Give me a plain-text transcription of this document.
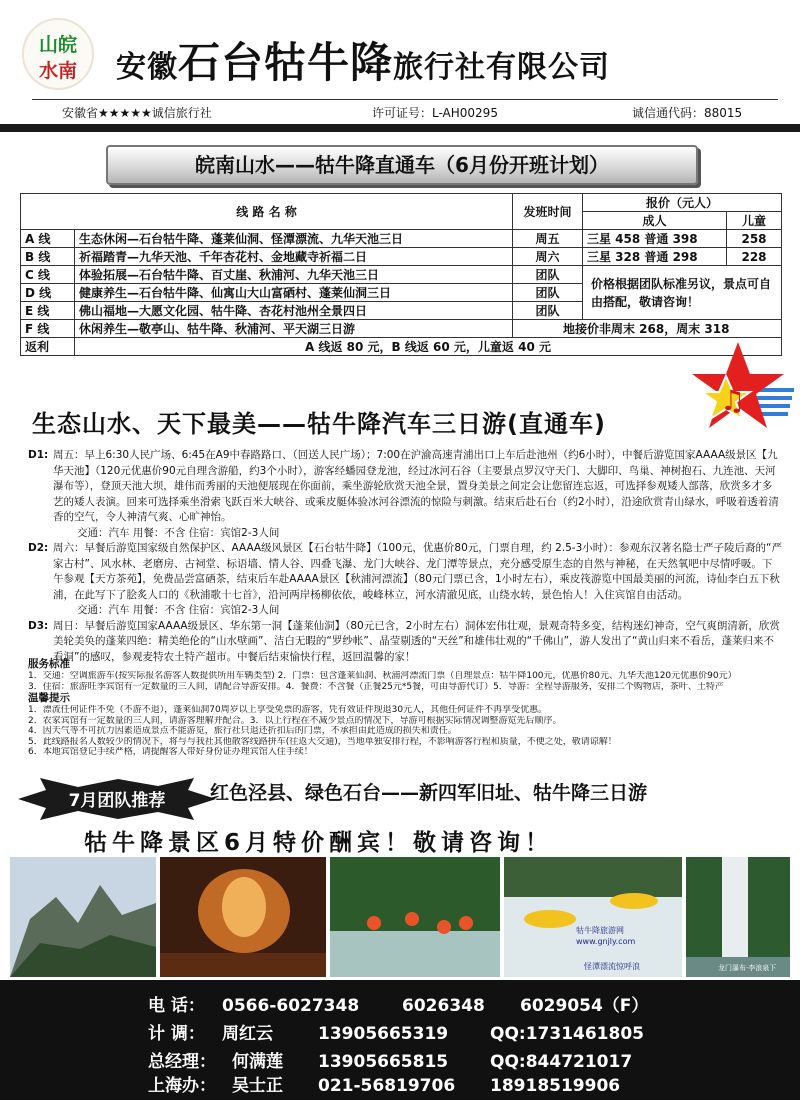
山皖
水南	安徽石台牯牛降旅行社有限公司
安徽省★★★★★诚信旅行社	许可证号：L-AH00295	诚信通代码：88015
皖南山水——牯牛降直通车（6月份开班计划）
线 路 名 称		发班时间	报价（元人）	
			成人	儿童
A 线	生态休闲—石台牯牛降、蓬莱仙洞、怪潭漂流、九华天池三日	周五	三星 458 普通 398	258
B 线	祈福踏青—九华天池、千年杏花村、金地藏寺祈福二日	周六	三星 328 普通 298	228
C 线	体验拓展—石台牯牛降、百丈崖、秋浦河、九华天池三日	团队	价格根据团队标准另议，景点可自由搭配，敬请咨询！	
D 线	健康养生—石台牯牛降、仙寓山大山富硒村、蓬莱仙洞三日	团队		
E 线	佛山福地—大愿文化园、牯牛降、杏花村池州全景四日	团队		
F 线	休闲养生—敬亭山、牯牛降、秋浦河、平天湖三日游	地接价非周末 268，周末 318		
返利	A 线返 80 元，B 线返 60 元，儿童返 40 元			
♫
生态山水、天下最美——牯牛降汽车三日游(直通车)
D1: 周五：早上6:30人民广场、6:45在A9中春路路口、（回送人民广场）；7:00在沪渝高速青浦出口上车后赴池州（约6小时），中餐后游览国家AAAA级景区【九华天池】（120元优惠价90元自理含游船，约3个小时），游客经蟠园登龙池，经过冰河石谷（主要景点罗汉守天门、大脚印、鸟巢、神树抱石、九连池、天河瀑布等），登顶天池大坝，雄伟而秀丽的天池便展现在你面前，乘坐游轮欣赏天池全景，置身美景之间定会让您留连忘返，可选择参观矮人部落，欣赏多才多艺的矮人表演。回来可选择乘坐滑索飞跃百米大峡谷、或乘皮艇体验冰河谷漂流的惊险与刺激。结束后赴石台（约2小时），沿途欣赏青山绿水，呼吸着透着清香的空气，令人神清气爽、心旷神怡。
交通：汽车 用餐：不含 住宿：宾馆2-3人间
D2: 周六：早餐后游览国家级自然保护区、AAAA级风景区【石台牯牛降】（100元，优惠价80元，门票自理，约 2.5-3小时）：参观东汉著名隐士严子陵后裔的“严家古村”、风水林、老磨房、古祠堂、标语墙、情人谷、四叠飞瀑、龙门大峡谷、龙门潭等景点，充分感受原生态的自然与神秘，在天然氧吧中尽情呼吸。下午参观【天方茶苑】，免费品尝富硒茶，结束后车赴AAAA景区【秋浦河漂流】（80元门票已含，1小时左右），乘皮筏游览中国最美丽的河流，诗仙李白五下秋浦，在此写下了脍炙人口的《秋浦歌十七首》，沿河两岸杨柳依依，峻峰林立，河水清澈见底，山绕水转，景色怡人！入住宾馆自由活动。
交通：汽车 用餐：不含 住宿：宾馆2-3人间
D3: 周日：早餐后游览国家AAAA级景区、华东第一洞【蓬莱仙洞】（80元已含，2小时左右）洞体宏伟壮观，景观奇特多变，结构迷幻神奇，空气爽朗清新，欣赏美轮美奂的蓬莱四绝：精美绝伦的“山水壁画”、洁白无暇的“罗纱帐”、晶莹剔透的“天丝”和雄伟壮观的“千佛山”，游人发出了“黄山归来不看岳，蓬莱归来不看洞”的感叹，参观麦特农土特产超市。中餐后结束愉快行程，返回温馨的家！
服务标准

1．交通：空调旅游车(按实际报名游客人数提供所用车辆类型) 2．门票：包含蓬莱仙洞、秋浦河漂流门票（自理景点：牯牛降100元，优惠价80元、九华天池120元优惠价90元）

3．住宿：旅游旺季宾馆有一定数量的三人间，请配合导游安排。4．餐费：不含餐（正餐25元*5餐，可由导游代订）5．导游：全程导游服务，安排二个购物店，茶叶、土特产

温馨提示

1．漂流任何证件不免（不游不退），蓬莱仙洞70周岁以上享受免票的游客，凭有效证件现退30元人，其他任何证件不再享受优惠。

2．农家宾馆有一定数量的三人间，请游客理解并配合。3．以上行程在不减少景点的情况下，导游可根据实际情况调整游览先后顺序。

4．因天气等不可抗力因素造成景点不能游览，旅行社只退还折扣后的门票，不承担由此造成的损失和责任。

5．此线路报名人数较少的情况下，将与与我社其他散客线路拼车(往返大交通)，当地单独安排行程，不影响游客行程和质量，不便之处，敬请谅解！

6．本地宾馆登记手续严格，请提醒客人带好身份证办理宾馆入住手续！

7月团队推荐 红色泾县、绿色石台——新四军旧址、牯牛降三日游
牯牛降景区6月特价酬宾！敬请咨询！
牯牛降旅游网
www.gnjly.com
怪潭漂流惊呼浪	龙门瀑布·李浪泉下
电 话： 0566-6027348	6026348 6029054（F）
计 调： 周红云	13905665319 QQ:1731461805
总经理： 何满莲 13905665815 QQ:844721017
上海办： 吴士正 021-56819706 18918519906
